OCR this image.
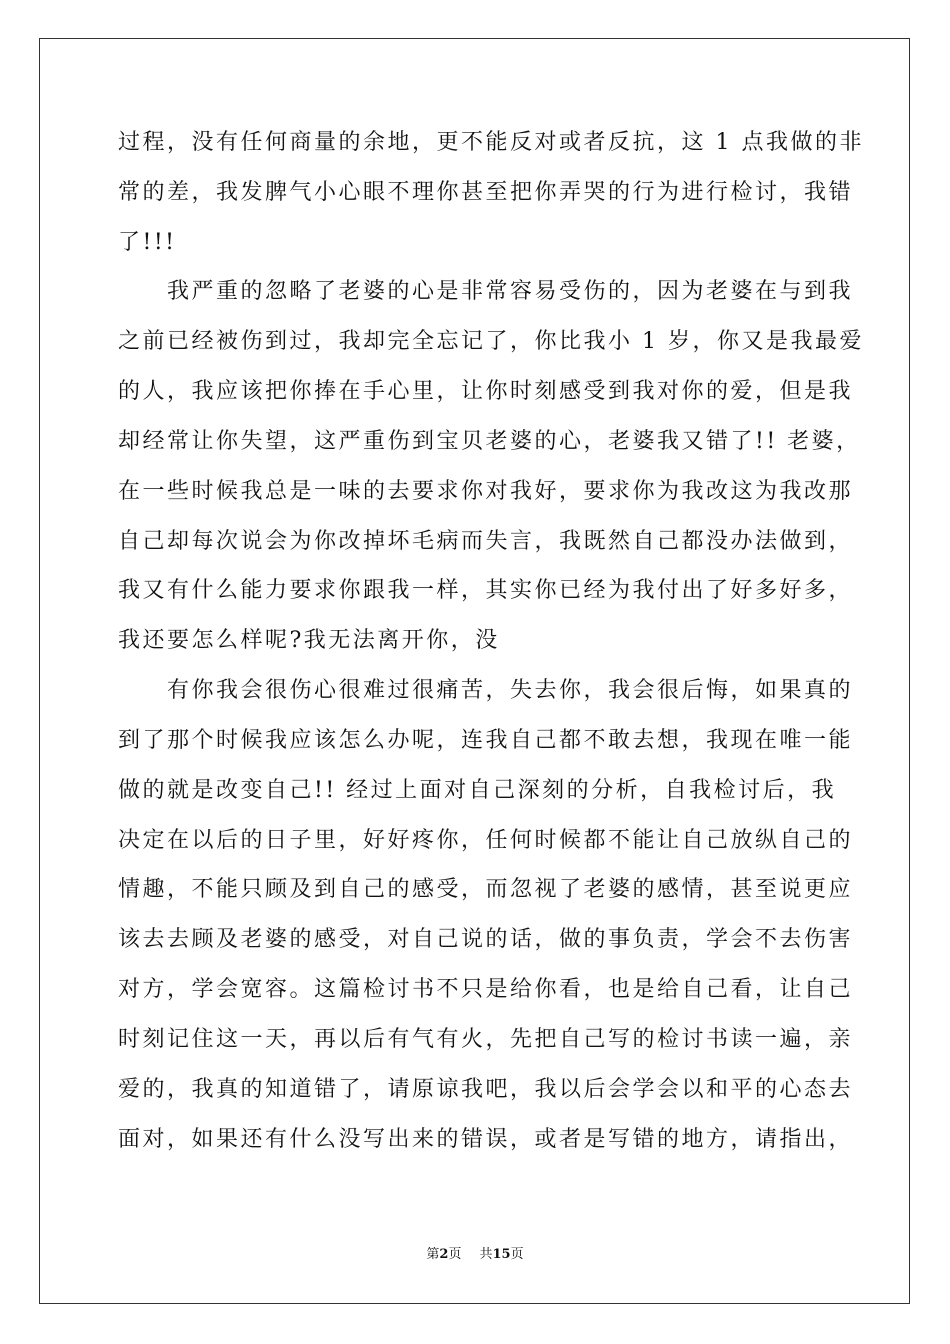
过程，没有任何商量的余地，更不能反对或者反抗，这 1 点我做的非
常的差，我发脾气小心眼不理你甚至把你弄哭的行为进行检讨，我错
了!!!
　　我严重的忽略了老婆的心是非常容易受伤的，因为老婆在与到我
之前已经被伤到过，我却完全忘记了，你比我小 1 岁，你又是我最爱
的人，我应该把你捧在手心里，让你时刻感受到我对你的爱，但是我
却经常让你失望，这严重伤到宝贝老婆的心，老婆我又错了!! 老婆，
在一些时候我总是一味的去要求你对我好，要求你为我改这为我改那
自己却每次说会为你改掉坏毛病而失言，我既然自己都没办法做到，
我又有什么能力要求你跟我一样，其实你已经为我付出了好多好多，
我还要怎么样呢?我无法离开你，没
　　有你我会很伤心很难过很痛苦，失去你，我会很后悔，如果真的
到了那个时候我应该怎么办呢，连我自己都不敢去想，我现在唯一能
做的就是改变自己!! 经过上面对自己深刻的分析，自我检讨后，我
决定在以后的日子里，好好疼你，任何时候都不能让自己放纵自己的
情趣，不能只顾及到自己的感受，而忽视了老婆的感情，甚至说更应
该去去顾及老婆的感受，对自己说的话，做的事负责，学会不去伤害
对方，学会宽容。这篇检讨书不只是给你看，也是给自己看，让自己
时刻记住这一天，再以后有气有火，先把自己写的检讨书读一遍，亲
爱的，我真的知道错了，请原谅我吧，我以后会学会以和平的心态去
面对，如果还有什么没写出来的错误，或者是写错的地方，请指出，
第2页 共15页
